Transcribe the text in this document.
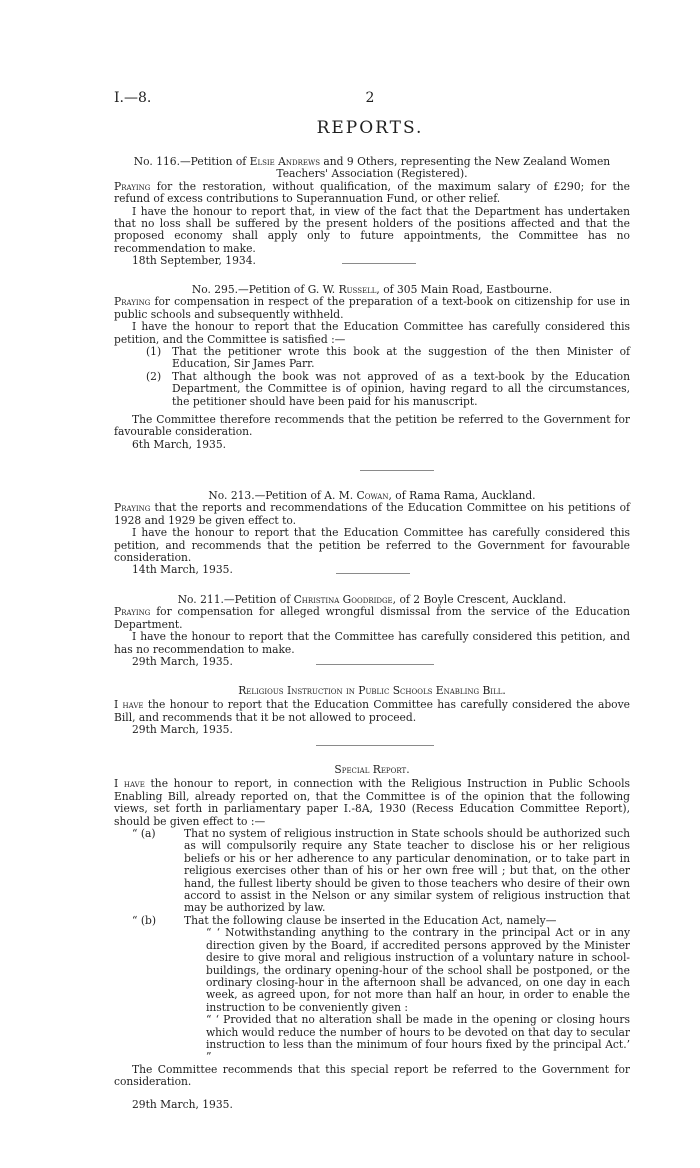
I.—8.	2
REPORTS.

No. 116.—Petition of Elsie Andrews and 9 Others, representing the New Zealand Women Teachers' Association (Registered).

Praying for the restoration, without qualification, of the maximum salary of £290; for the refund of excess contributions to Superannuation Fund, or other relief.

I have the honour to report that, in view of the fact that the Department has undertaken that no loss shall be suffered by the present holders of the positions affected and that the proposed economy shall apply only to future appointments, the Committee has no recommendation to make.

18th September, 1934.

No. 295.—Petition of G. W. Russell, of 305 Main Road, Eastbourne.

Praying for compensation in respect of the preparation of a text-book on citizenship for use in public schools and subsequently withheld.

I have the honour to report that the Education Committee has carefully considered this petition, and the Committee is satisfied :—

(1)	That the petitioner wrote this book at the suggestion of the then Minister of Education, Sir James Parr.
(2)	That although the book was not approved of as a text-book by the Education Department, the Committee is of opinion, having regard to all the circumstances, the petitioner should have been paid for his manuscript.

The Committee therefore recommends that the petition be referred to the Government for favourable consideration.

6th March, 1935.

No. 213.—Petition of A. M. Cowan, of Rama Rama, Auckland.

Praying that the reports and recommendations of the Education Committee on his petitions of 1928 and 1929 be given effect to.

I have the honour to report that the Education Committee has carefully considered this petition, and recommends that the petition be referred to the Government for favourable consideration.

14th March, 1935.

No. 211.—Petition of Christina Goodridge, of 2 Boyle Crescent, Auckland.

Praying for compensation for alleged wrongful dismissal from the service of the Education Department.

I have the honour to report that the Committee has carefully considered this petition, and has no recommendation to make.

29th March, 1935.

Religious Instruction in Public Schools Enabling Bill.

I have the honour to report that the Education Committee has carefully considered the above Bill, and recommends that it be not allowed to proceed.

29th March, 1935.

Special Report.

I have the honour to report, in connection with the Religious Instruction in Public Schools Enabling Bill, already reported on, that the Committee is of the opinion that the following views, set forth in parliamentary paper I.-8A, 1930 (Recess Education Committee Report), should be given effect to :—

“ (a)	That no system of religious instruction in State schools should be authorized such as will compulsorily require any State teacher to disclose his or her religious beliefs or his or her adherence to any particular denomination, or to take part in religious exercises other than of his or her own free will ; but that, on the other hand, the fullest liberty should be given to those teachers who desire of their own accord to assist in the Nelson or any similar system of religious instruction that may be authorized by law.
“ (b)	That the following clause be inserted in the Education Act, namely—

“ ‘ Notwithstanding anything to the contrary in the principal Act or in any direction given by the Board, if accredited persons approved by the Minister desire to give moral and religious instruction of a voluntary nature in school-buildings, the ordinary opening-hour of the school shall be postponed, or the ordinary closing-hour in the afternoon shall be advanced, on one day in each week, as agreed upon, for not more than half an hour, in order to enable the instruction to be conveniently given :

“ ‘ Provided that no alteration shall be made in the opening or closing hours which would reduce the number of hours to be devoted on that day to secular instruction to less than the minimum of four hours fixed by the principal Act.’ ”

The Committee recommends that this special report be referred to the Government for consideration.

29th March, 1935.
